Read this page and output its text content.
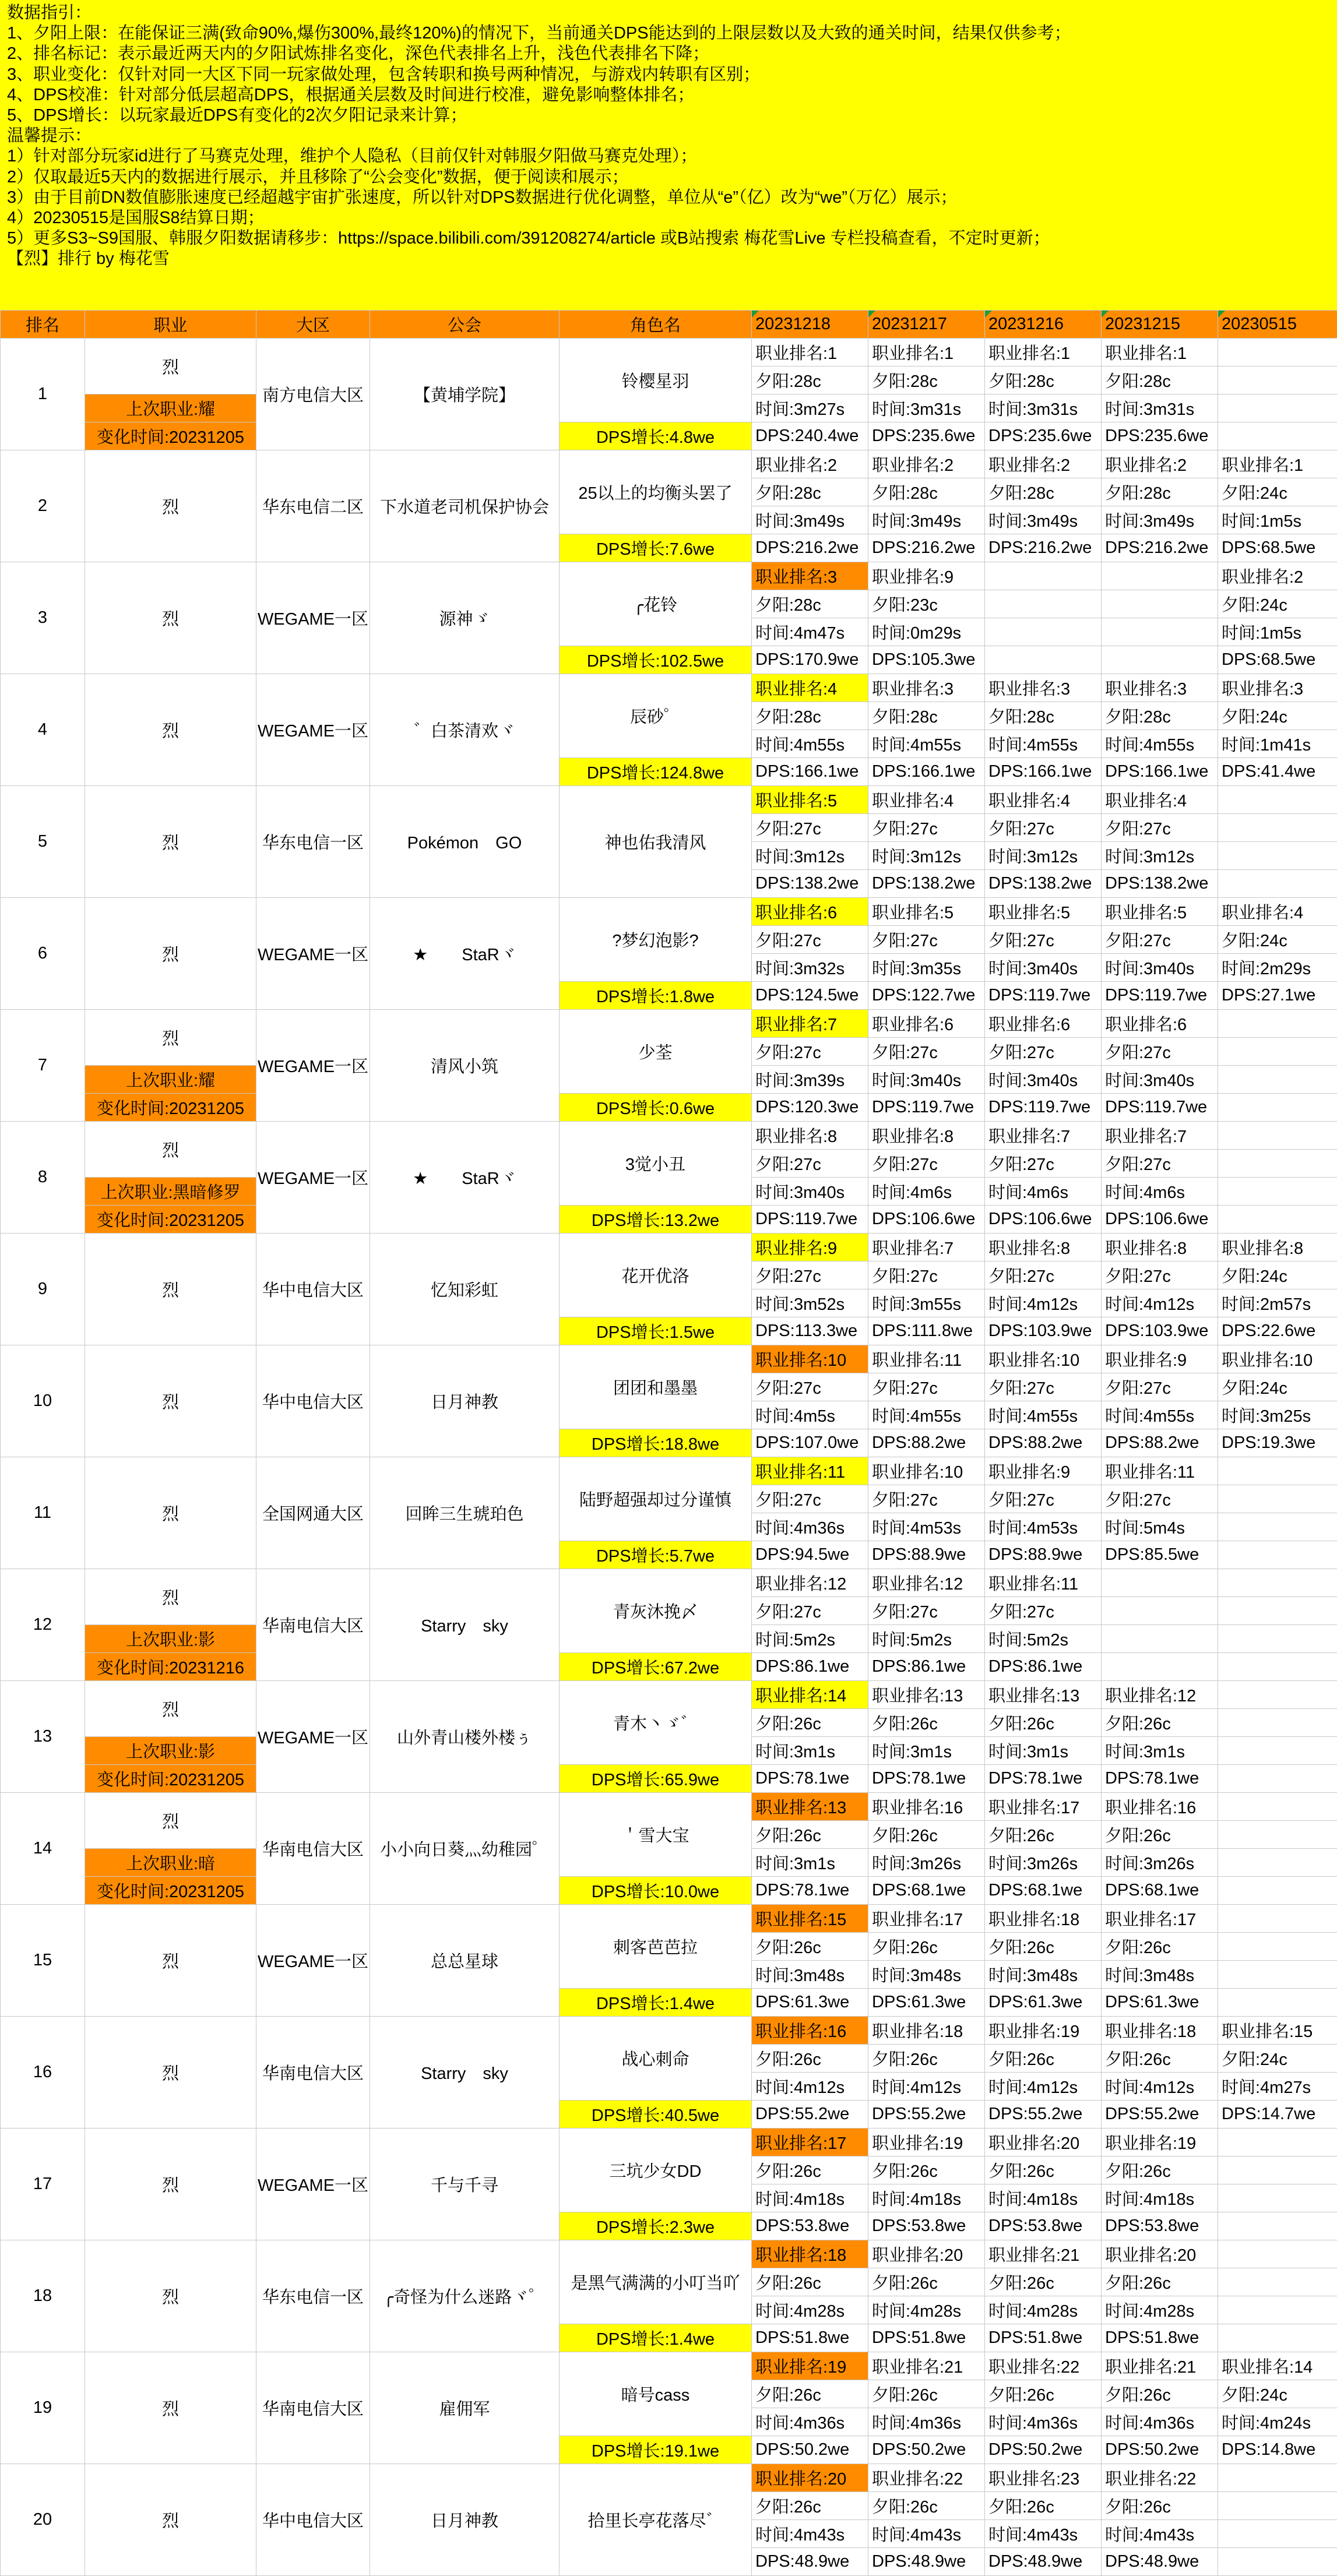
数据指引：
1、夕阳上限：在能保证三满(致命90%,爆伤300%,最终120%)的情况下，当前通关DPS能达到的上限层数以及大致的通关时间，结果仅供参考；
2、排名标记：表示最近两天内的夕阳试炼排名变化，深色代表排名上升，浅色代表排名下降；
3、职业变化：仅针对同一大区下同一玩家做处理，包含转职和换号两种情况，与游戏内转职有区别；
4、DPS校准：针对部分低层超高DPS，根据通关层数及时间进行校准，避免影响整体排名；
5、DPS增长：以玩家最近DPS有变化的2次夕阳记录来计算；
温馨提示：
1）针对部分玩家id进行了马赛克处理，维护个人隐私（目前仅针对韩服夕阳做马赛克处理）；
2）仅取最近5天内的数据进行展示，并且移除了“公会变化”数据，便于阅读和展示；
3）由于目前DN数值膨胀速度已经超越宇宙扩张速度，所以针对DPS数据进行优化调整，单位从“e”（亿）改为“we”（万亿）展示；
4）20230515是国服S8结算日期；
5）更多S3~S9国服、韩服夕阳数据请移步：https://space.bilibili.com/391208274/article 或B站搜索 梅花雪Live 专栏投稿查看，不定时更新；
【烈】排行 by 梅花雪
排名	职业	大区	公会	角色名	20231218	20231217	20231216	20231215	20230515
1	烈	南方电信大区	【黄埔学院】	铃樱星羽	职业排名:1	职业排名:1	职业排名:1	职业排名:1	
					夕阳:28c	夕阳:28c	夕阳:28c	夕阳:28c	
	上次职业:耀				时间:3m27s	时间:3m31s	时间:3m31s	时间:3m31s	
	变化时间:20231205			DPS增长:4.8we	DPS:240.4we	DPS:235.6we	DPS:235.6we	DPS:235.6we	
2	烈	华东电信二区	下水道老司机保护协会	25以上的均衡头罢了	职业排名:2	职业排名:2	职业排名:2	职业排名:2	职业排名:1
					夕阳:28c	夕阳:28c	夕阳:28c	夕阳:28c	夕阳:24c
					时间:3m49s	时间:3m49s	时间:3m49s	时间:3m49s	时间:1m5s
				DPS增长:7.6we	DPS:216.2we	DPS:216.2we	DPS:216.2we	DPS:216.2we	DPS:68.5we
3	烈	WEGAME一区	源神ゞ	╭花铃	职业排名:3	职业排名:9			职业排名:2
					夕阳:28c	夕阳:23c			夕阳:24c
					时间:4m47s	时间:0m29s			时间:1m5s
				DPS增长:102.5we	DPS:170.9we	DPS:105.3we			DPS:68.5we
4	烈	WEGAME一区	゛白茶清欢ヾ	辰砂゜	职业排名:4	职业排名:3	职业排名:3	职业排名:3	职业排名:3
					夕阳:28c	夕阳:28c	夕阳:28c	夕阳:28c	夕阳:24c
					时间:4m55s	时间:4m55s	时间:4m55s	时间:4m55s	时间:1m41s
				DPS增长:124.8we	DPS:166.1we	DPS:166.1we	DPS:166.1we	DPS:166.1we	DPS:41.4we
5	烈	华东电信一区	Pokémon　GO	神也佑我清风	职业排名:5	职业排名:4	职业排名:4	职业排名:4	
					夕阳:27c	夕阳:27c	夕阳:27c	夕阳:27c	
					时间:3m12s	时间:3m12s	时间:3m12s	时间:3m12s	
					DPS:138.2we	DPS:138.2we	DPS:138.2we	DPS:138.2we	
6	烈	WEGAME一区	★　　StaRヾ	?梦幻泡影?	职业排名:6	职业排名:5	职业排名:5	职业排名:5	职业排名:4
					夕阳:27c	夕阳:27c	夕阳:27c	夕阳:27c	夕阳:24c
					时间:3m32s	时间:3m35s	时间:3m40s	时间:3m40s	时间:2m29s
				DPS增长:1.8we	DPS:124.5we	DPS:122.7we	DPS:119.7we	DPS:119.7we	DPS:27.1we
7	烈	WEGAME一区	清风小筑	少荃	职业排名:7	职业排名:6	职业排名:6	职业排名:6	
					夕阳:27c	夕阳:27c	夕阳:27c	夕阳:27c	
	上次职业:耀				时间:3m39s	时间:3m40s	时间:3m40s	时间:3m40s	
	变化时间:20231205			DPS增长:0.6we	DPS:120.3we	DPS:119.7we	DPS:119.7we	DPS:119.7we	
8	烈	WEGAME一区	★　　StaRヾ	3觉小丑	职业排名:8	职业排名:8	职业排名:7	职业排名:7	
					夕阳:27c	夕阳:27c	夕阳:27c	夕阳:27c	
	上次职业:黑暗修罗				时间:3m40s	时间:4m6s	时间:4m6s	时间:4m6s	
	变化时间:20231205			DPS增长:13.2we	DPS:119.7we	DPS:106.6we	DPS:106.6we	DPS:106.6we	
9	烈	华中电信大区	忆知彩虹	花开优洛	职业排名:9	职业排名:7	职业排名:8	职业排名:8	职业排名:8
					夕阳:27c	夕阳:27c	夕阳:27c	夕阳:27c	夕阳:24c
					时间:3m52s	时间:3m55s	时间:4m12s	时间:4m12s	时间:2m57s
				DPS增长:1.5we	DPS:113.3we	DPS:111.8we	DPS:103.9we	DPS:103.9we	DPS:22.6we
10	烈	华中电信大区	日月神教	团团和墨墨	职业排名:10	职业排名:11	职业排名:10	职业排名:9	职业排名:10
					夕阳:27c	夕阳:27c	夕阳:27c	夕阳:27c	夕阳:24c
					时间:4m5s	时间:4m55s	时间:4m55s	时间:4m55s	时间:3m25s
				DPS增长:18.8we	DPS:107.0we	DPS:88.2we	DPS:88.2we	DPS:88.2we	DPS:19.3we
11	烈	全国网通大区	回眸三生琥珀色	陆野超强却过分谨慎	职业排名:11	职业排名:10	职业排名:9	职业排名:11	
					夕阳:27c	夕阳:27c	夕阳:27c	夕阳:27c	
					时间:4m36s	时间:4m53s	时间:4m53s	时间:5m4s	
				DPS增长:5.7we	DPS:94.5we	DPS:88.9we	DPS:88.9we	DPS:85.5we	
12	烈	华南电信大区	Starry　sky	青灰沐挽〆	职业排名:12	职业排名:12	职业排名:11		
					夕阳:27c	夕阳:27c	夕阳:27c		
	上次职业:影				时间:5m2s	时间:5m2s	时间:5m2s		
	变化时间:20231216			DPS增长:67.2we	DPS:86.1we	DPS:86.1we	DPS:86.1we		
13	烈	WEGAME一区	山外青山楼外楼ぅ	青木丶ゞ゛	职业排名:14	职业排名:13	职业排名:13	职业排名:12	
					夕阳:26c	夕阳:26c	夕阳:26c	夕阳:26c	
	上次职业:影				时间:3m1s	时间:3m1s	时间:3m1s	时间:3m1s	
	变化时间:20231205			DPS增长:65.9we	DPS:78.1we	DPS:78.1we	DPS:78.1we	DPS:78.1we	
14	烈	华南电信大区	小小向日葵灬幼稚园゜	＇雪大宝	职业排名:13	职业排名:16	职业排名:17	职业排名:16	
					夕阳:26c	夕阳:26c	夕阳:26c	夕阳:26c	
	上次职业:暗				时间:3m1s	时间:3m26s	时间:3m26s	时间:3m26s	
	变化时间:20231205			DPS增长:10.0we	DPS:78.1we	DPS:68.1we	DPS:68.1we	DPS:68.1we	
15	烈	WEGAME一区	总总星球	刺客芭芭拉	职业排名:15	职业排名:17	职业排名:18	职业排名:17	
					夕阳:26c	夕阳:26c	夕阳:26c	夕阳:26c	
					时间:3m48s	时间:3m48s	时间:3m48s	时间:3m48s	
				DPS增长:1.4we	DPS:61.3we	DPS:61.3we	DPS:61.3we	DPS:61.3we	
16	烈	华南电信大区	Starry　sky	战心刺命	职业排名:16	职业排名:18	职业排名:19	职业排名:18	职业排名:15
					夕阳:26c	夕阳:26c	夕阳:26c	夕阳:26c	夕阳:24c
					时间:4m12s	时间:4m12s	时间:4m12s	时间:4m12s	时间:4m27s
				DPS增长:40.5we	DPS:55.2we	DPS:55.2we	DPS:55.2we	DPS:55.2we	DPS:14.7we
17	烈	WEGAME一区	千与千寻	三坑少女DD	职业排名:17	职业排名:19	职业排名:20	职业排名:19	
					夕阳:26c	夕阳:26c	夕阳:26c	夕阳:26c	
					时间:4m18s	时间:4m18s	时间:4m18s	时间:4m18s	
				DPS增长:2.3we	DPS:53.8we	DPS:53.8we	DPS:53.8we	DPS:53.8we	
18	烈	华东电信一区	╭奇怪为什么迷路ヾ゜	是黑气满满的小叮当吖	职业排名:18	职业排名:20	职业排名:21	职业排名:20	
					夕阳:26c	夕阳:26c	夕阳:26c	夕阳:26c	
					时间:4m28s	时间:4m28s	时间:4m28s	时间:4m28s	
				DPS增长:1.4we	DPS:51.8we	DPS:51.8we	DPS:51.8we	DPS:51.8we	
19	烈	华南电信大区	雇佣军	暗号cass	职业排名:19	职业排名:21	职业排名:22	职业排名:21	职业排名:14
					夕阳:26c	夕阳:26c	夕阳:26c	夕阳:26c	夕阳:24c
					时间:4m36s	时间:4m36s	时间:4m36s	时间:4m36s	时间:4m24s
				DPS增长:19.1we	DPS:50.2we	DPS:50.2we	DPS:50.2we	DPS:50.2we	DPS:14.8we
20	烈	华中电信大区	日月神教	拾里长亭花落尽゛	职业排名:20	职业排名:22	职业排名:23	职业排名:22	
					夕阳:26c	夕阳:26c	夕阳:26c	夕阳:26c	
					时间:4m43s	时间:4m43s	时间:4m43s	时间:4m43s	
					DPS:48.9we	DPS:48.9we	DPS:48.9we	DPS:48.9we	
